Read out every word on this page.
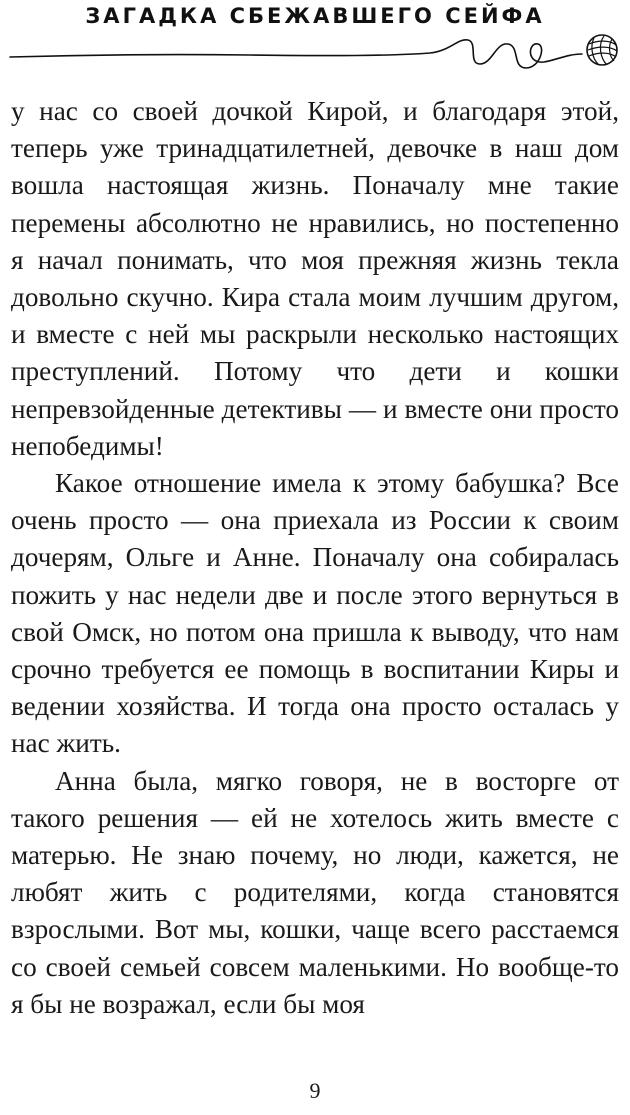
ЗАГАДКА СБЕЖАВШЕГО СЕЙФА

у нас со своей дочкой Кирой, и благодаря этой, теперь уже тринадцатилетней, девочке в наш дом вошла настоящая жизнь. Поначалу мне такие перемены абсолютно не нравились, но постепенно я начал понимать, что моя прежняя жизнь текла довольно скучно. Кира стала моим лучшим другом, и вместе с ней мы раскрыли несколько настоящих преступлений. Потому что дети и кошки непревзойденные детективы — и вместе они просто непобедимы!

Какое отношение имела к этому бабушка? Все очень просто — она приехала из России к своим дочерям, Ольге и Анне. Поначалу она собиралась пожить у нас недели две и после этого вернуться в свой Омск, но потом она пришла к выводу, что нам срочно требуется ее помощь в воспитании Киры и ведении хозяйства. И тогда она просто осталась у нас жить.

Анна была, мягко говоря, не в восторге от такого решения — ей не хотелось жить вместе с матерью. Не знаю почему, но люди, кажется, не любят жить с родителями, когда становятся взрослыми. Вот мы, кошки, чаще всего расстаемся со своей семьей совсем маленькими. Но вообще-то я бы не возражал, если бы моя

9
